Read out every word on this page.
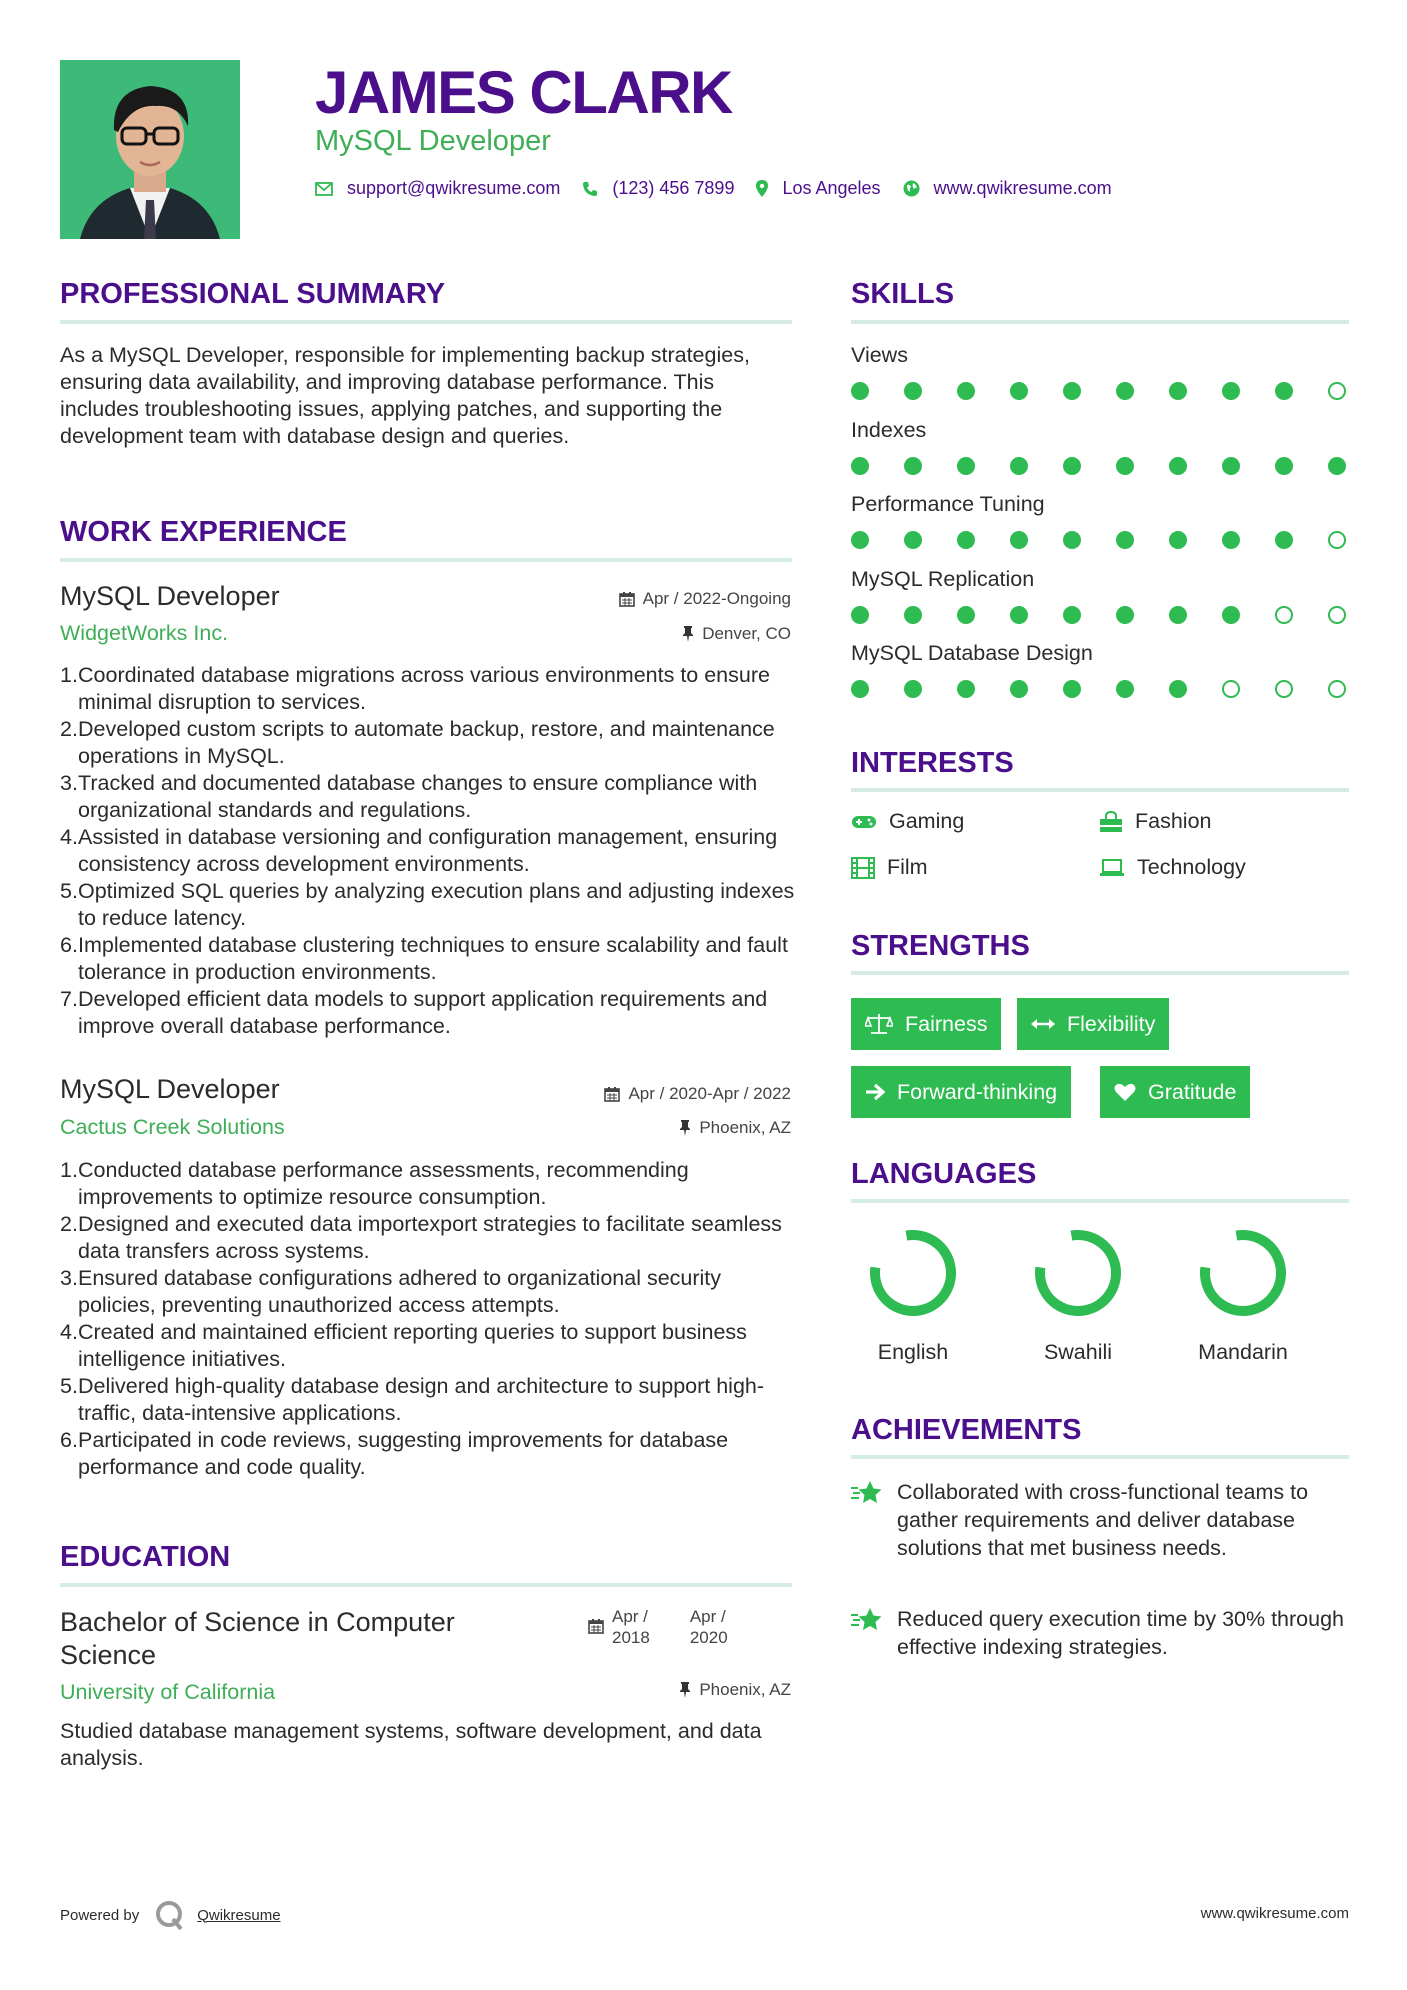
JAMES CLARK
MySQL Developer
support@qwikresume.com	(123) 456 7899	Los Angeles	www.qwikresume.com
PROFESSIONAL SUMMARY
As a MySQL Developer, responsible for implementing backup strategies, ensuring data availability, and improving database performance. This includes troubleshooting issues, applying patches, and supporting the development team with database design and queries.
WORK EXPERIENCE
MySQL Developer	Apr / 2022-Ongoing
WidgetWorks Inc.	Denver, CO
1. Coordinated database migrations across various environments to ensure minimal disruption to services.
2. Developed custom scripts to automate backup, restore, and maintenance operations in MySQL.
3. Tracked and documented database changes to ensure compliance with organizational standards and regulations.
4. Assisted in database versioning and configuration management, ensuring consistency across development environments.
5. Optimized SQL queries by analyzing execution plans and adjusting indexes to reduce latency.
6. Implemented database clustering techniques to ensure scalability and fault tolerance in production environments.
7. Developed efficient data models to support application requirements and improve overall database performance.
MySQL Developer	Apr / 2020-Apr / 2022
Cactus Creek Solutions	Phoenix, AZ
1. Conducted database performance assessments, recommending improvements to optimize resource consumption.
2. Designed and executed data importexport strategies to facilitate seamless data transfers across systems.
3. Ensured database configurations adhered to organizational security policies, preventing unauthorized access attempts.
4. Created and maintained efficient reporting queries to support business intelligence initiatives.
5. Delivered high-quality database design and architecture to support high-traffic, data-intensive applications.
6. Participated in code reviews, suggesting improvements for database performance and code quality.
EDUCATION
Bachelor of Science in Computer Science
Apr /
2018
Apr /
2020
University of California	Phoenix, AZ
Studied database management systems, software development, and data analysis.
SKILLS
Views
Indexes
Performance Tuning
MySQL Replication
MySQL Database Design
INTERESTS
Gaming	Fashion
Film	Technology
STRENGTHS
Fairness	Flexibility
Forward-thinking	Gratitude
LANGUAGES
English	Swahili	Mandarin
ACHIEVEMENTS
Collaborated with cross-functional teams to gather requirements and deliver database solutions that met business needs.
Reduced query execution time by 30% through effective indexing strategies.
Powered by	Qwikresume	www.qwikresume.com
